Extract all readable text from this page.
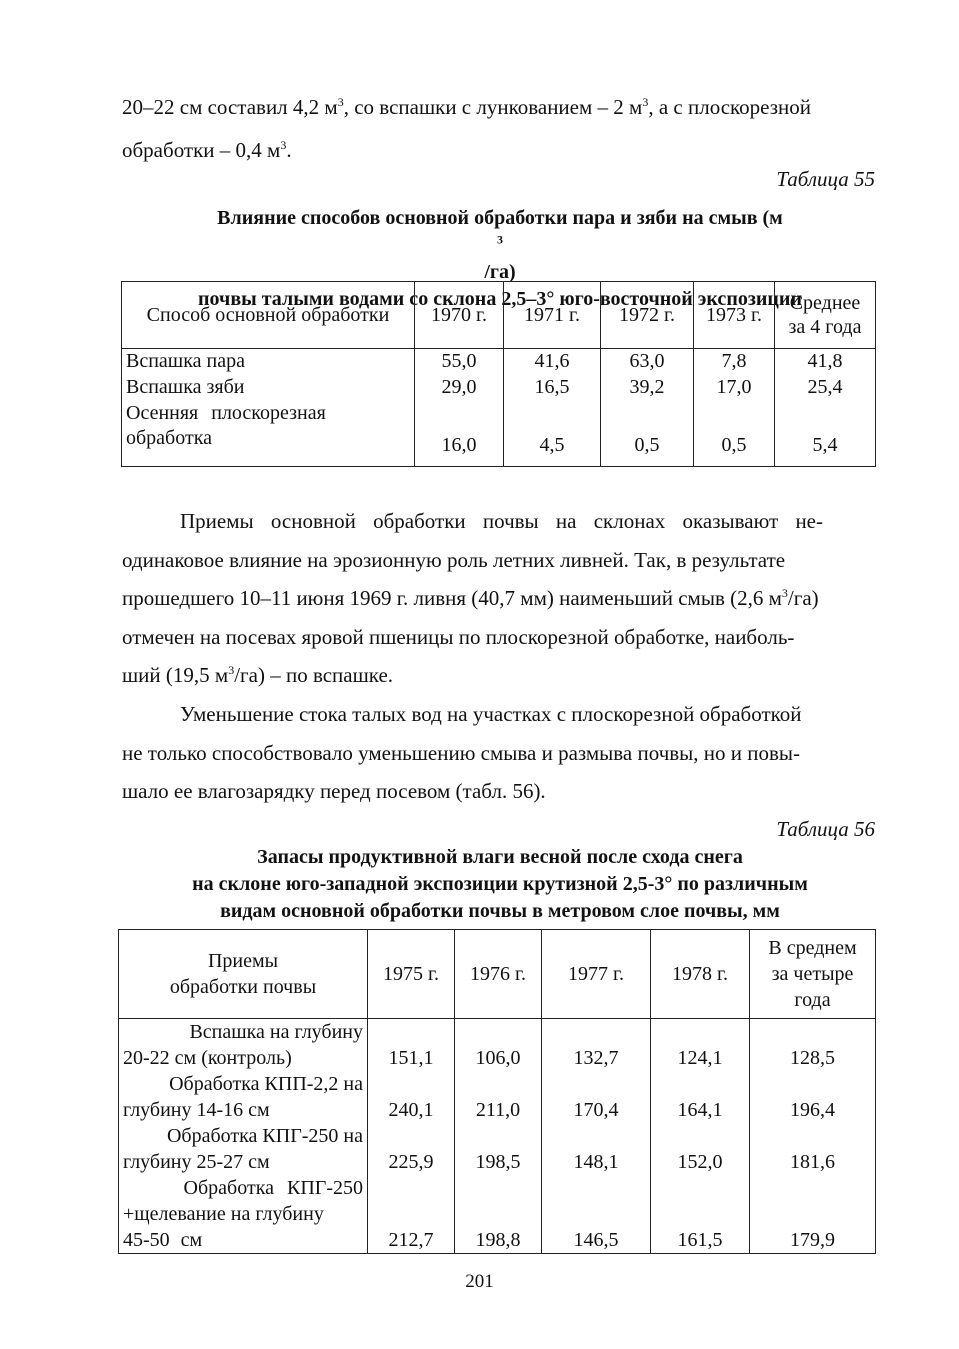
20–22 см составил 4,2 $м^3$, со вспашки с лункованием – 2 $м^3$, а с плоскорезной
обработки – 0,4 $м^3$.
Таблица 55
Влияние способов основной обработки пара и зяби на смыв (м
$^3$
/га)
почвы талыми водами со склона 2,5–3° юго-восточной экспозиции
Способ основной обработки	1970 г.	1971 г.	1972 г.	1973 г.	Среднее
за 4 года

Вспашка пара	55,0	41,6	63,0	7,8	41,8
Вспашка зяби	29,0	16,5	39,2	17,0	25,4

Осенняя плоскорезная
обработка	16,0	4,5	0,5	0,5	5,4
Приемы основной обработки почвы на склонах оказывают не-
одинаковое влияние на эрозионную роль летних ливней. Так, в результате
прошедшего 10–11 июня 1969 г. ливня (40,7 мм) наименьший смыв (2,6 $м^3/га$)
отмечен на посевах яровой пшеницы по плоскорезной обработке, наиболь-
ший (19,5 $м^3/га$) – по вспашке.
Уменьшение стока талых вод на участках с плоскорезной обработкой
не только способствовало уменьшению смыва и размыва почвы, но и повы-
шало ее влагозарядку перед посевом (табл. 56).
Таблица 56
Запасы продуктивной влаги весной после схода снега
на склоне юго-западной экспозиции крутизной 2,5-3° по различным
видам основной обработки почвы в метровом слое почвы, мм
Приемы
обработки почвы	1975 г.	1976 г.	1977 г.	1978 г.	В среднем
за четыре
года

Вспашка на глубину
20-22 см (контроль)	151,1	106,0	132,7	124,1	128,5

Обработка КПП-2,2 на
глубину 14-16 см	240,1	211,0	170,4	164,1	196,4

Обработка КПГ-250 на
глубину 25-27 см	225,9	198,5	148,1	152,0	181,6

Обработка КПГ-250
+щелевание на глубину
45-50 см	212,7	198,8	146,5	161,5	179,9
201
